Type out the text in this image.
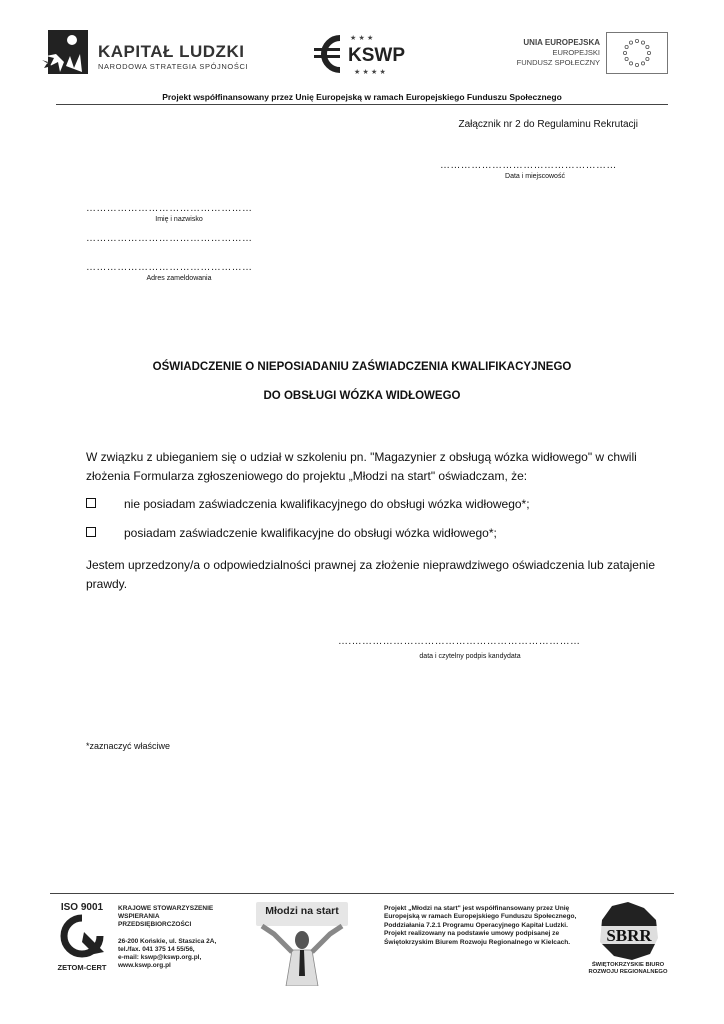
KAPITAŁ LUDZKI
NARODOWA STRATEGIA SPÓJNOŚCI
★ ★ ★
★ ★ ★ ★
KSWP
UNIA EUROPEJSKA
EUROPEJSKI
FUNDUSZ SPOŁECZNY
Projekt współfinansowany przez Unię Europejską w ramach Europejskiego Funduszu Społecznego
Załącznik nr 2 do Regulaminu Rekrutacji
……………………………………………
Data i miejscowość
…………………………………………
Imię i nazwisko
…………………………………………
…………………………………………
Adres zameldowania
OŚWIADCZENIE O NIEPOSIADANIU ZAŚWIADCZENIA KWALIFIKACYJNEGO
DO OBSŁUGI WÓZKA WIDŁOWEGO
W związku z ubieganiem się o udział w szkoleniu pn. "Magazynier z obsługą wózka widłowego" w chwili złożenia Formularza zgłoszeniowego do projektu „Młodzi na start" oświadczam, że:
nie posiadam zaświadczenia kwalifikacyjnego do obsługi wózka widłowego*;
posiadam zaświadczenie kwalifikacyjne do obsługi wózka widłowego*;
Jestem uprzedzony/a o odpowiedzialności prawnej za złożenie nieprawdziwego oświadczenia lub zatajenie prawdy.
….…………………………………………………………
data i czytelny podpis kandydata
*zaznaczyć właściwe
ISO 9001
ZETOM-CERT
KRAJOWE STOWARZYSZENIE
WSPIERANIA
PRZEDSIĘBIORCZOŚCI
26-200 Końskie, ul. Staszica 2A,
tel./fax. 041 375 14 55/56,
e-mail: kswp@kswp.org.pl,
www.kswp.org.pl
Młodzi na start	Projekt „Młodzi na start" jest współfinansowany przez Unię Europejską w ramach Europejskiego Funduszu Społecznego, Poddziałania 7.2.1 Programu Operacyjnego Kapitał Ludzki. Projekt realizowany na podstawie umowy podpisanej ze Świętokrzyskim Biurem Rozwoju Regionalnego w Kielcach.	SBRR
ŚWIĘTOKRZYSKIE BIURO
ROZWOJU REGIONALNEGO
